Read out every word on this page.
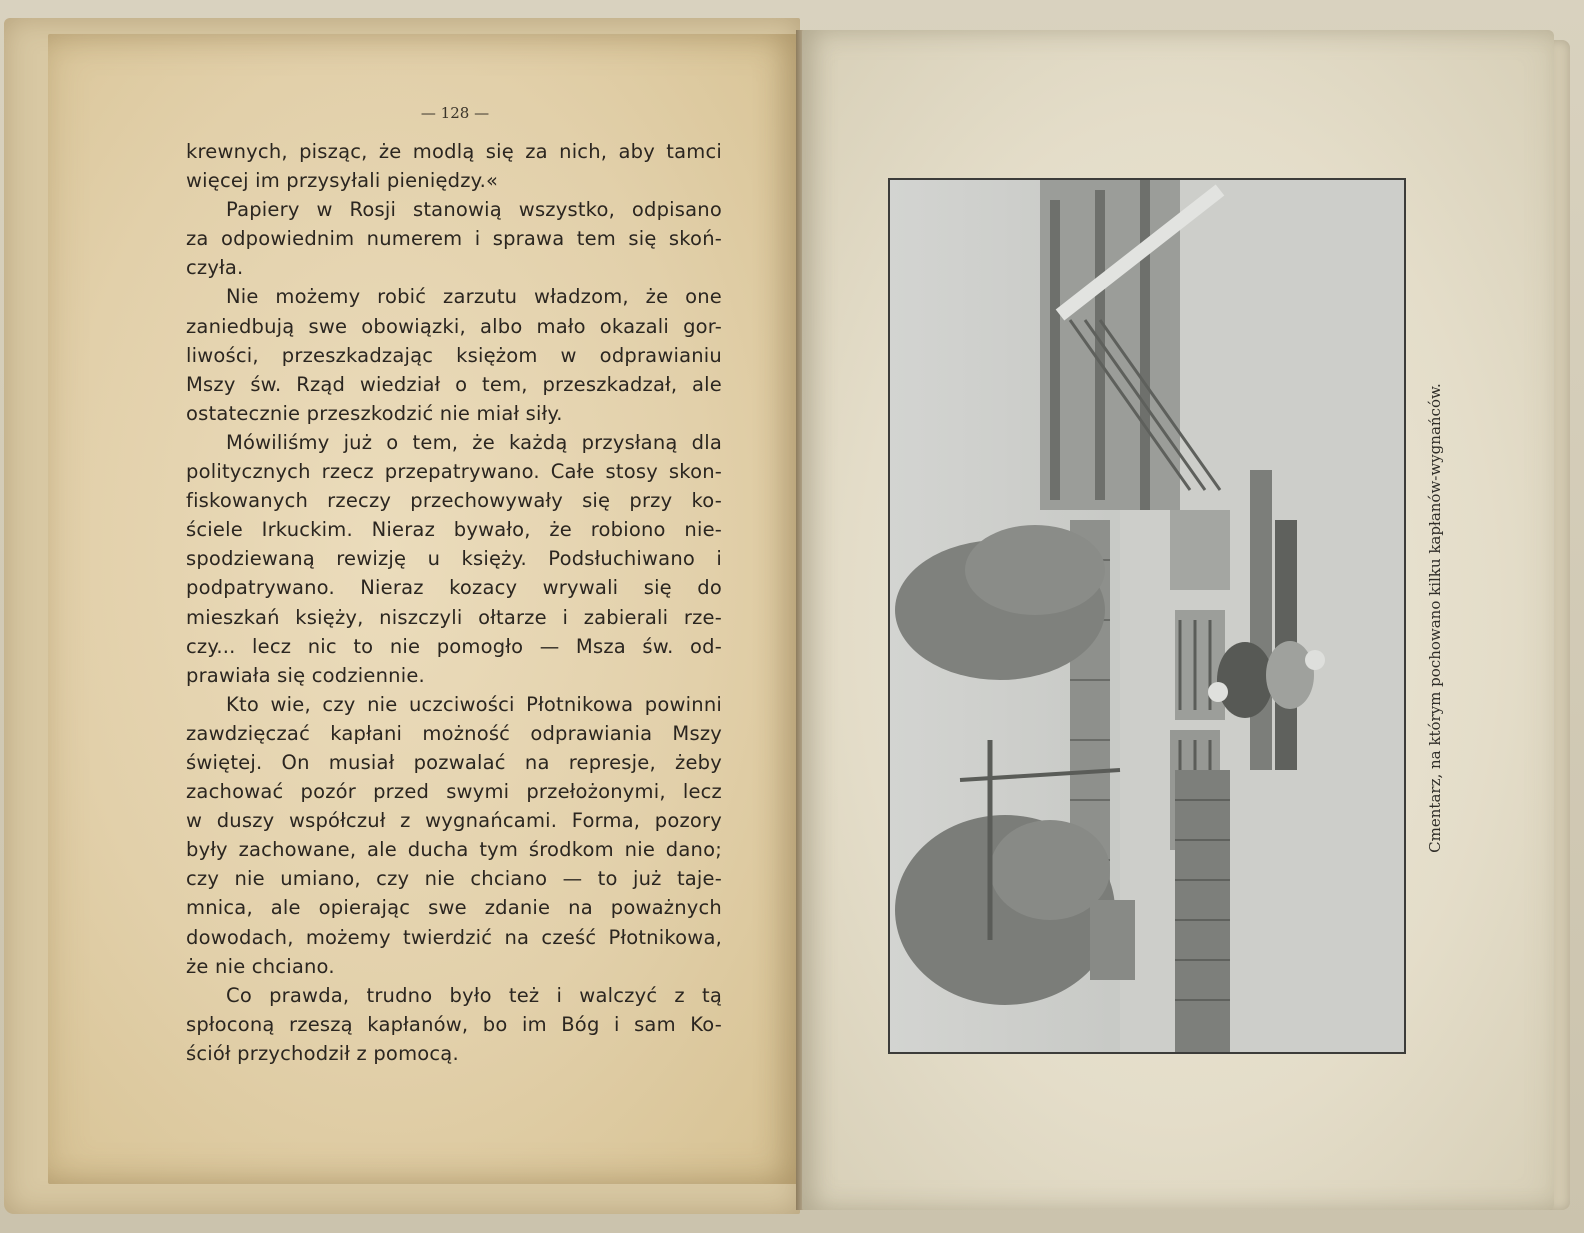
— 128 —
krewnych, pisząc, że modlą się za nich, aby tamci
więcej im przysyłali pieniędzy.«
Papiery w Rosji stanowią wszystko, odpisano
za odpowiednim numerem i sprawa tem się skoń-
czyła.
Nie możemy robić zarzutu władzom, że one
zaniedbują swe obowiązki, albo mało okazali gor-
liwości, przeszkadzając księżom w odprawianiu
Mszy św. Rząd wiedział o tem, przeszkadzał, ale
ostatecznie przeszkodzić nie miał siły.
Mówiliśmy już o tem, że każdą przysłaną dla
politycznych rzecz przepatrywano. Całe stosy skon-
fiskowanych rzeczy przechowywały się przy ko-
ściele Irkuckim. Nieraz bywało, że robiono nie-
spodziewaną rewizję u księży. Podsłuchiwano i
podpatrywano. Nieraz kozacy wrywali się do
mieszkań księży, niszczyli ołtarze i zabierali rze-
czy... lecz nic to nie pomogło — Msza św. od-
prawiała się codziennie.
Kto wie, czy nie uczciwości Płotnikowa powinni
zawdzięczać kapłani możność odprawiania Mszy
świętej. On musiał pozwalać na represje, żeby
zachować pozór przed swymi przełożonymi, lecz
w duszy współczuł z wygnańcami. Forma, pozory
były zachowane, ale ducha tym środkom nie dano;
czy nie umiano, czy nie chciano — to już taje-
mnica, ale opierając swe zdanie na poważnych
dowodach, możemy twierdzić na cześć Płotnikowa,
że nie chciano.
Co prawda, trudno było też i walczyć z tą
spłoconą rzeszą kapłanów, bo im Bóg i sam Ko-
ściół przychodził z pomocą.
Cmentarz, na którym pochowano kilku kapłanów-wygnańców.
